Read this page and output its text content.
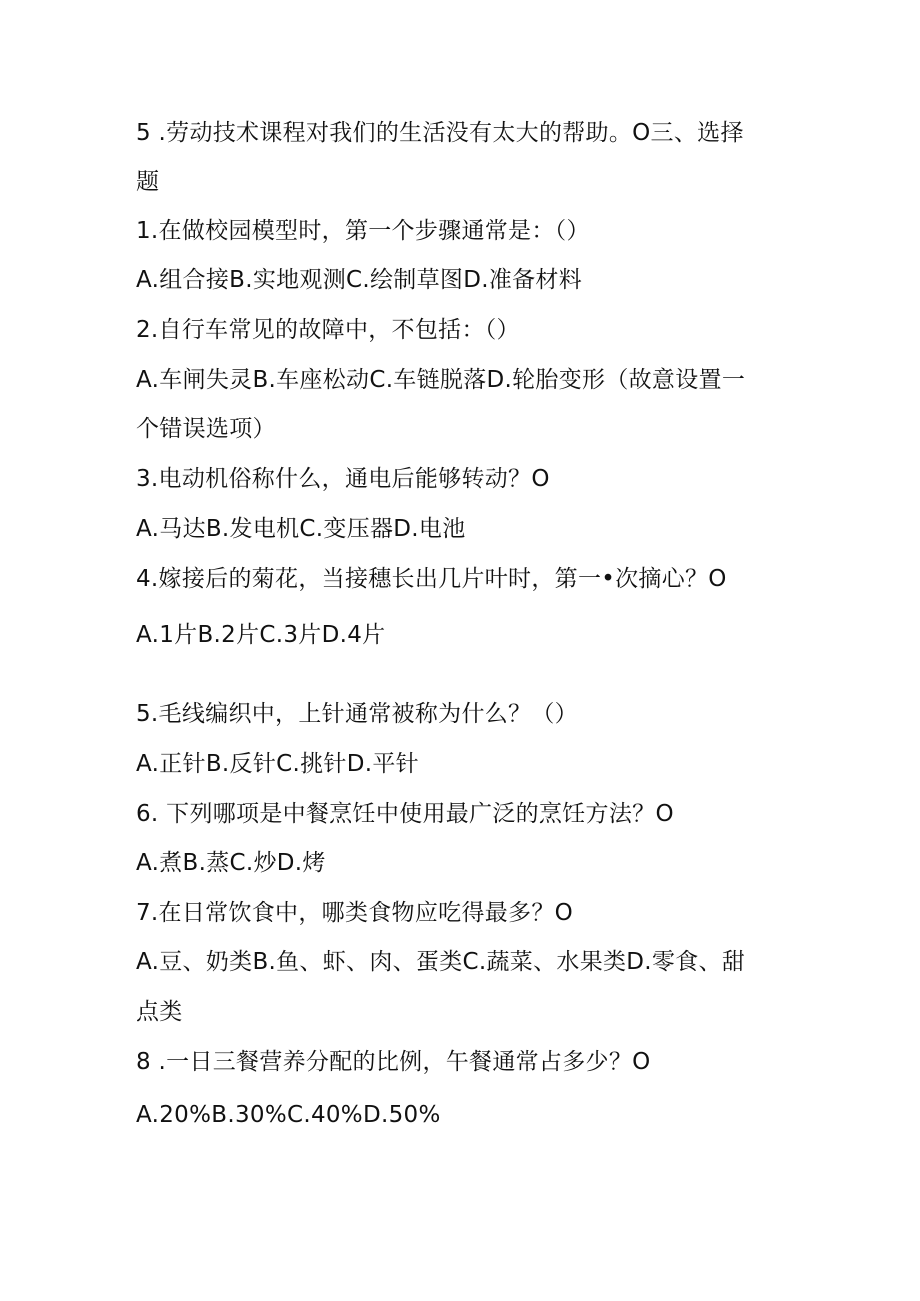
5 .劳动技术课程对我们的生活没有太大的帮助。O三、选择
题
1.在做校园模型时，第一个步骤通常是：（）
A.组合接B.实地观测C.绘制草图D.准备材料
2.自行车常见的故障中，不包括：（）
A.车闸失灵B.车座松动C.车链脱落D.轮胎变形（故意设置一
个错误选项）
3.电动机俗称什么，通电后能够转动？O
A.马达B.发电机C.变压器D.电池
4.嫁接后的菊花，当接穗长出几片叶时，第一•次摘心？O
A.1片B.2片C.3片D.4片
5.毛线编织中，上针通常被称为什么？（）
A.正针B.反针C.挑针D.平针
6. 下列哪项是中餐烹饪中使用最广泛的烹饪方法？O
A.煮B.蒸C.炒D.烤
7.在日常饮食中，哪类食物应吃得最多？O
A.豆、奶类B.鱼、虾、肉、蛋类C.蔬菜、水果类D.零食、甜
点类
8 .一日三餐营养分配的比例，午餐通常占多少？O
A.20%B.30%C.40%D.50%
